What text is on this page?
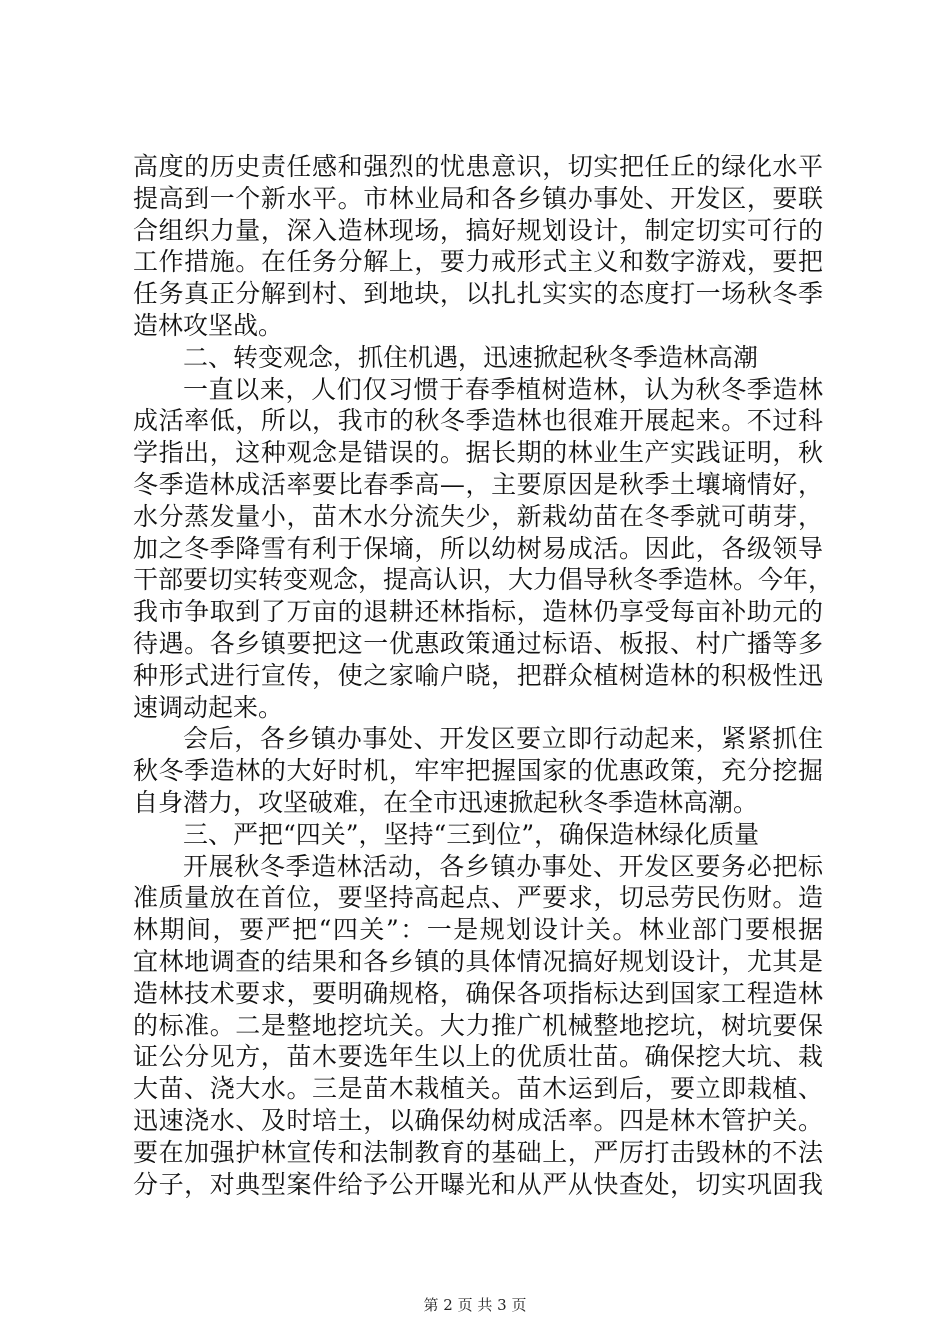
高度的历史责任感和强烈的忧患意识，切实把任丘的绿化水平
提高到一个新水平。市林业局和各乡镇办事处、开发区，要联
合组织力量，深入造林现场，搞好规划设计，制定切实可行的
工作措施。在任务分解上，要力戒形式主义和数字游戏，要把
任务真正分解到村、到地块，以扎扎实实的态度打一场秋冬季
造林攻坚战。
二、转变观念，抓住机遇，迅速掀起秋冬季造林高潮
一直以来，人们仅习惯于春季植树造林，认为秋冬季造林
成活率低，所以，我市的秋冬季造林也很难开展起来。不过科
学指出，这种观念是错误的。据长期的林业生产实践证明，秋
冬季造林成活率要比春季高—，主要原因是秋季土壤墒情好，
水分蒸发量小，苗木水分流失少，新栽幼苗在冬季就可萌芽，
加之冬季降雪有利于保墒，所以幼树易成活。因此，各级领导
干部要切实转变观念，提高认识，大力倡导秋冬季造林。今年，
我市争取到了万亩的退耕还林指标，造林仍享受每亩补助元的
待遇。各乡镇要把这一优惠政策通过标语、板报、村广播等多
种形式进行宣传，使之家喻户晓，把群众植树造林的积极性迅
速调动起来。
会后，各乡镇办事处、开发区要立即行动起来，紧紧抓住
秋冬季造林的大好时机，牢牢把握国家的优惠政策，充分挖掘
自身潜力，攻坚破难，在全市迅速掀起秋冬季造林高潮。
三、严把“四关”，坚持“三到位”，确保造林绿化质量
开展秋冬季造林活动，各乡镇办事处、开发区要务必把标
准质量放在首位，要坚持高起点、严要求，切忌劳民伤财。造
林期间，要严把“四关”：一是规划设计关。林业部门要根据
宜林地调查的结果和各乡镇的具体情况搞好规划设计，尤其是
造林技术要求，要明确规格，确保各项指标达到国家工程造林
的标准。二是整地挖坑关。大力推广机械整地挖坑，树坑要保
证公分见方，苗木要选年生以上的优质壮苗。确保挖大坑、栽
大苗、浇大水。三是苗木栽植关。苗木运到后，要立即栽植、
迅速浇水、及时培土，以确保幼树成活率。四是林木管护关。
要在加强护林宣传和法制教育的基础上，严厉打击毁林的不法
分子，对典型案件给予公开曝光和从严从快查处，切实巩固我
第 2 页 共 3 页
